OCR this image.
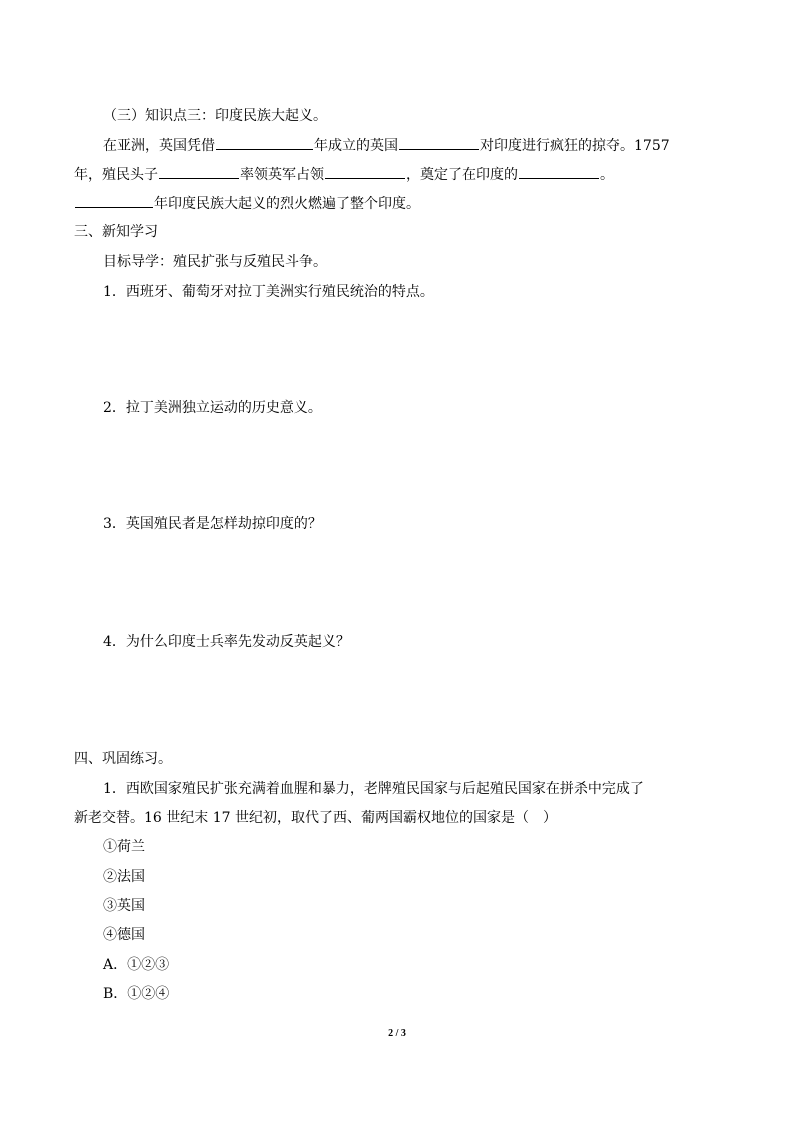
（三）知识点三：印度民族大起义。
在亚洲，英国凭借	年成立的英国	对印度进行疯狂的掠夺。1757
年，殖民头子	率领英军占领	，奠定了在印度的	。
年印度民族大起义的烈火燃遍了整个印度。
三、新知学习
目标导学：殖民扩张与反殖民斗争。
1．西班牙、葡萄牙对拉丁美洲实行殖民统治的特点。
2．拉丁美洲独立运动的历史意义。
3．英国殖民者是怎样劫掠印度的？
4．为什么印度士兵率先发动反英起义？
四、巩固练习。
1．西欧国家殖民扩张充满着血腥和暴力，老牌殖民国家与后起殖民国家在拼杀中完成了
新老交替。16 世纪末 17 世纪初，取代了西、葡两国霸权地位的国家是（　）
①荷兰
②法国
③英国
④德国
A．①②③
B．①②④
2 / 3
